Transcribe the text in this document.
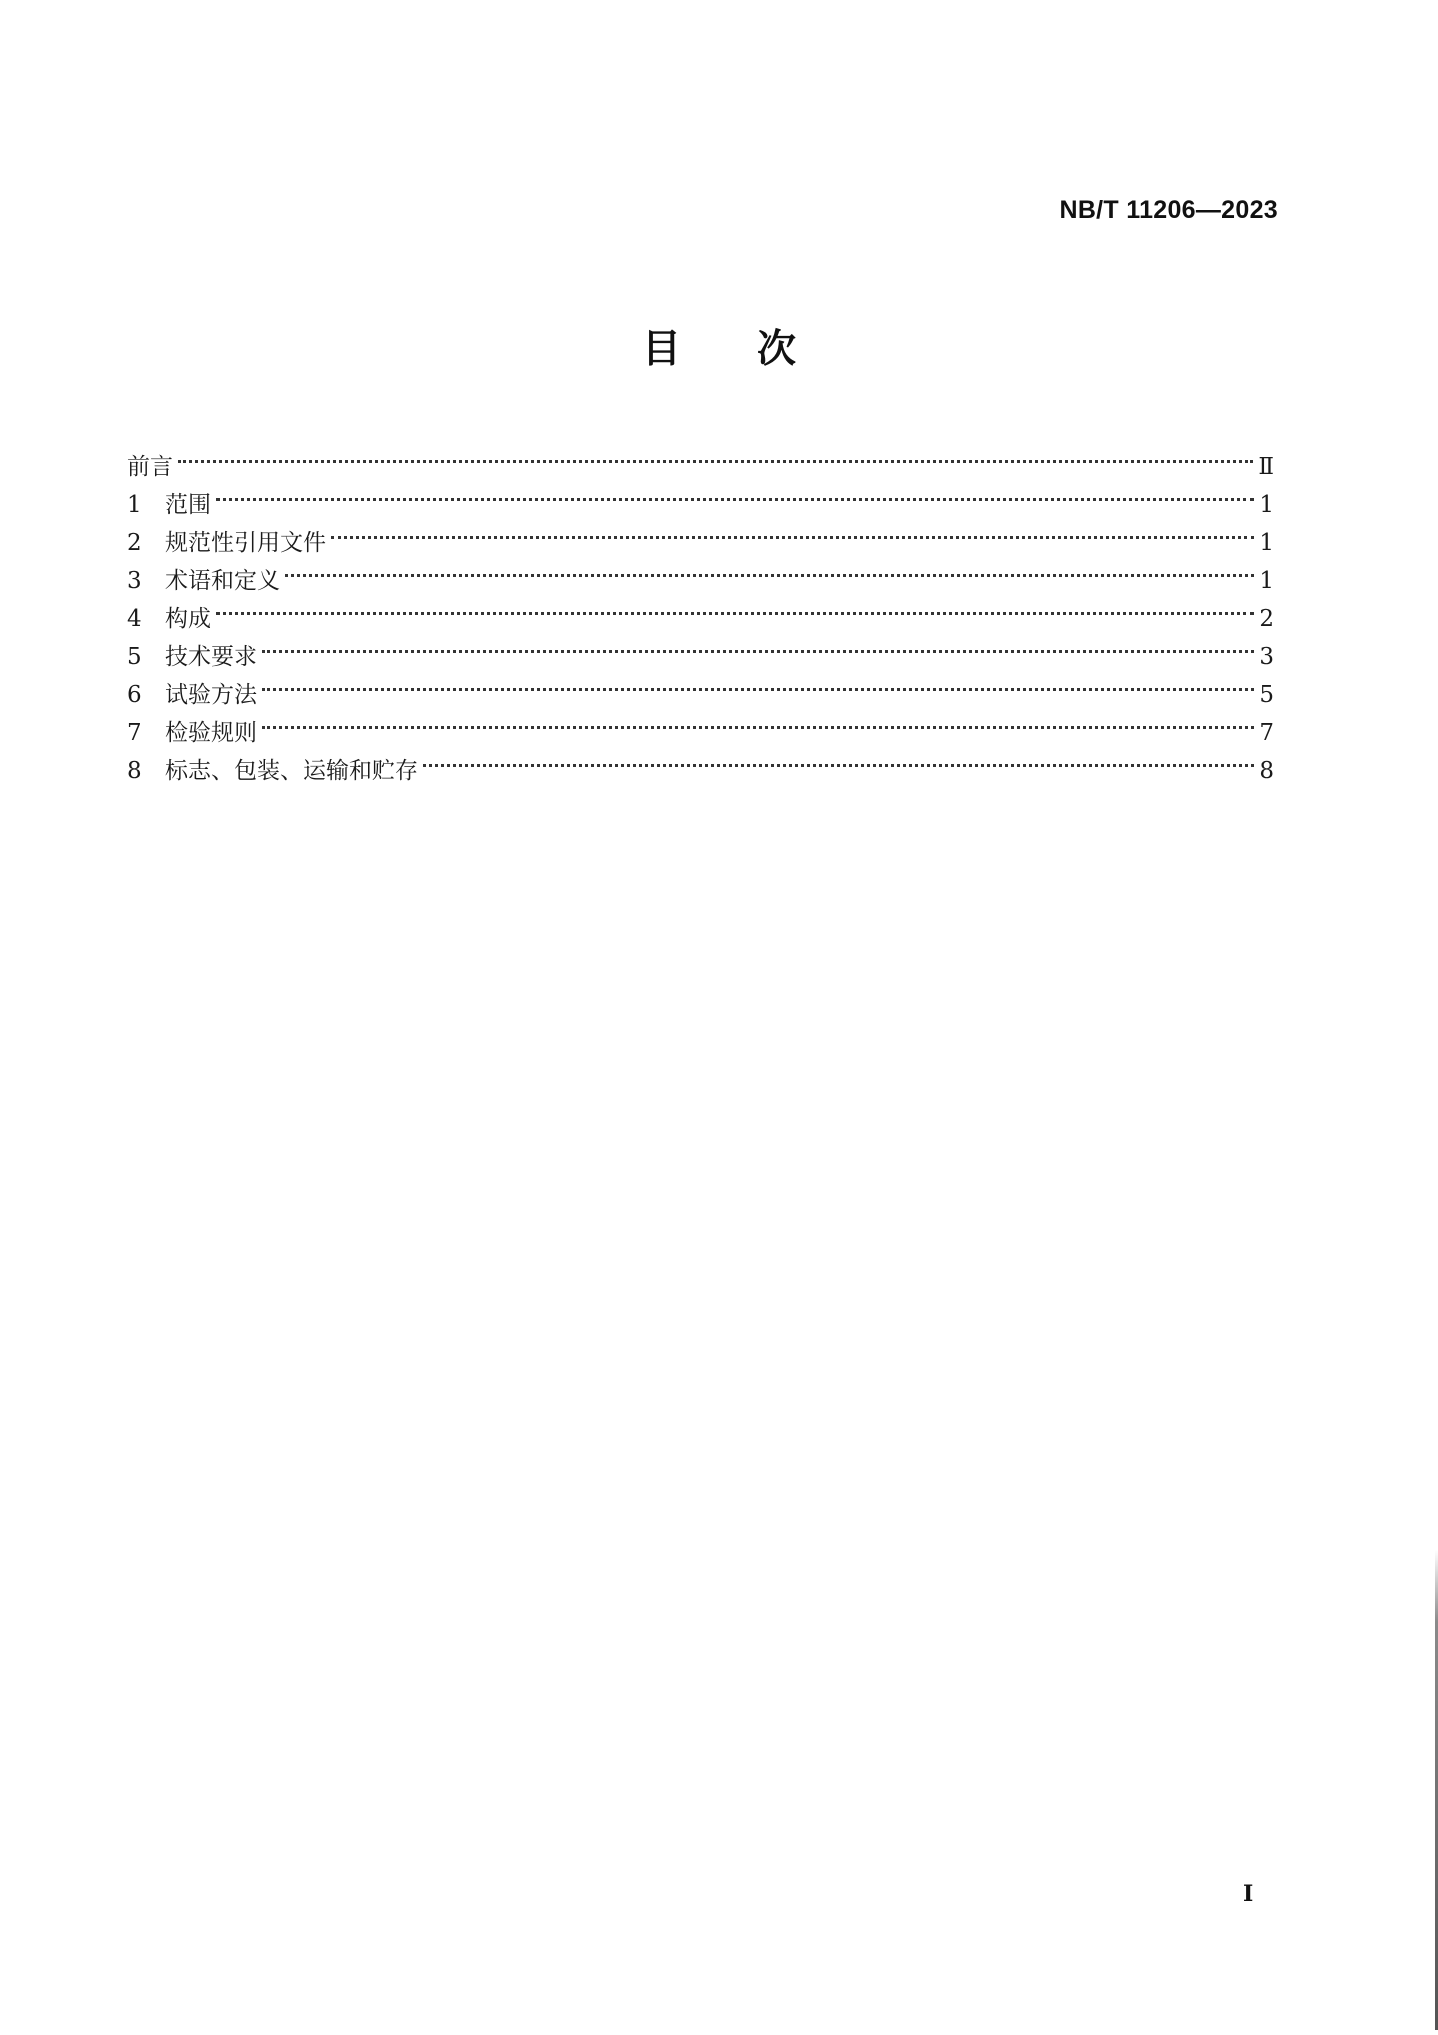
NB/T 11206—2023
目次
前言	Ⅱ
1	范围	1
2	规范性引用文件	1
3	术语和定义	1
4	构成	2
5	技术要求	3
6	试验方法	5
7	检验规则	7
8	标志、包装、运输和贮存	8
I
